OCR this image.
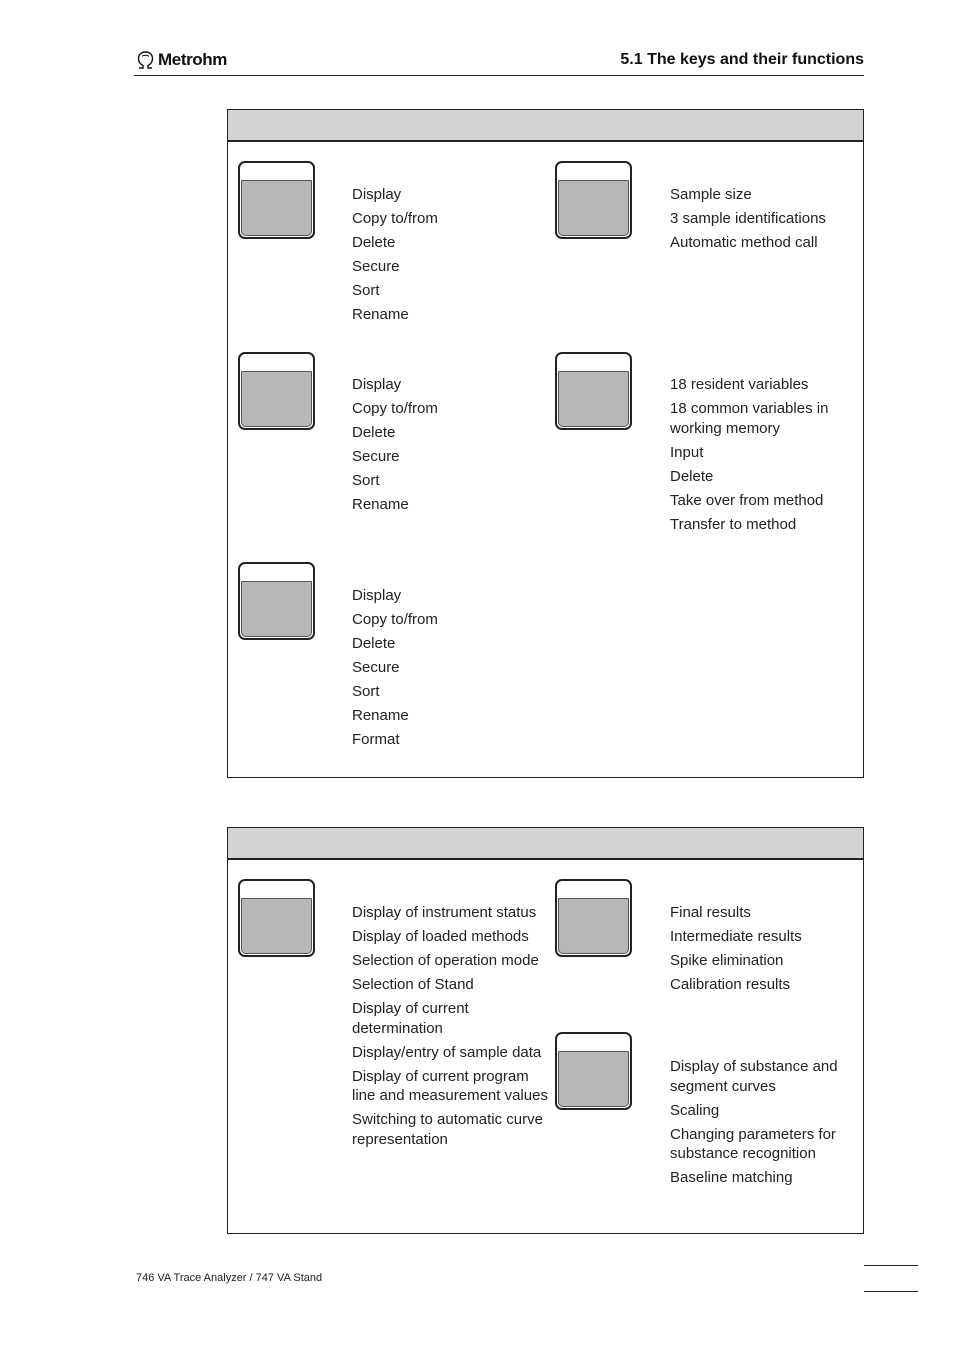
Metrohm	5.1 The keys and their functions
Display
Copy to/from
Delete
Secure
Sort
Rename
Sample size
3 sample identifications
Automatic method call
Display
Copy to/from
Delete
Secure
Sort
Rename
18 resident variables
18 common variables in working memory
Input
Delete
Take over from method
Transfer to method
Display
Copy to/from
Delete
Secure
Sort
Rename
Format
Display of instrument status
Display of loaded methods
Selection of operation mode
Selection of Stand
Display of current determination
Display/entry of sample data
Display of current program line and measurement values
Switching to automatic curve representation
Final results
Intermediate results
Spike elimination
Calibration results
Display of substance and segment curves
Scaling
Changing parameters for substance recognition
Baseline matching
746 VA Trace Analyzer / 747 VA Stand
